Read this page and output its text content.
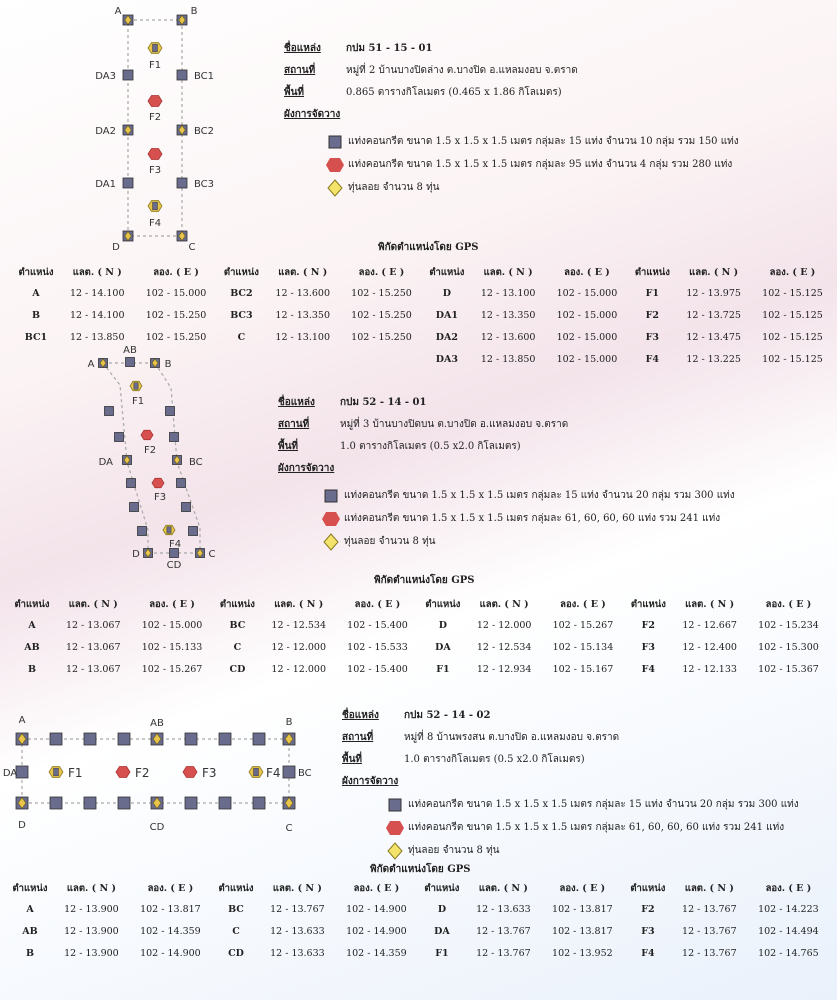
A	B
D	C
DA3	BC1
DA2	BC2
DA1	BC3
F1
F2
F3
F4
ชื่อแหล่ง	กปม 51 - 15 - 01
สถานที่	หมู่ที่ 2 บ้านบางปิดล่าง ต.บางปิด อ.แหลมงอบ จ.ตราด
พื้นที่	0.865 ตารางกิโลเมตร (0.465 x 1.86 กิโลเมตร)
ผังการจัดวาง
แท่งคอนกรีต ขนาด 1.5 x 1.5 x 1.5 เมตร กลุ่มละ 15 แท่ง จำนวน 10 กลุ่ม รวม 150 แท่ง
แท่งคอนกรีต ขนาด 1.5 x 1.5 x 1.5 เมตร กลุ่มละ 95 แท่ง จำนวน 4 กลุ่ม รวม 280 แท่ง
ทุ่นลอย จำนวน 8 ทุ่น
พิกัดตำแหน่งโดย GPS
ตำแหน่ง	แลต. ( N )	ลอง. ( E )	ตำแหน่ง	แลต. ( N )	ลอง. ( E )	ตำแหน่ง	แลต. ( N )	ลอง. ( E )	ตำแหน่ง	แลต. ( N )	ลอง. ( E )
A	12 - 14.100	102 - 15.000	BC2	12 - 13.600	102 - 15.250	D	12 - 13.100	102 - 15.000	F1	12 - 13.975	102 - 15.125
B	12 - 14.100	102 - 15.250	BC3	12 - 13.350	102 - 15.250	DA1	12 - 13.350	102 - 15.000	F2	12 - 13.725	102 - 15.125
BC1	12 - 13.850	102 - 15.250	C	12 - 13.100	102 - 15.250	DA2	12 - 13.600	102 - 15.000	F3	12 - 13.475	102 - 15.125
						DA3	12 - 13.850	102 - 15.000	F4	12 - 13.225	102 - 15.125
A
AB
B
DA	BC
D	C
CD
F1
F2
F3
F4
ชื่อแหล่ง	กปม 52 - 14 - 01
สถานที่	หมู่ที่ 3 บ้านบางปิดบน ต.บางปิด อ.แหลมงอบ จ.ตราด
พื้นที่	1.0 ตารางกิโลเมตร (0.5 x2.0 กิโลเมตร)
ผังการจัดวาง
แท่งคอนกรีต ขนาด 1.5 x 1.5 x 1.5 เมตร กลุ่มละ 15 แท่ง จำนวน 20 กลุ่ม รวม 300 แท่ง
แท่งคอนกรีต ขนาด 1.5 x 1.5 x 1.5 เมตร กลุ่มละ 61, 60, 60, 60 แท่ง รวม 241 แท่ง
ทุ่นลอย จำนวน 8 ทุ่น
พิกัดตำแหน่งโดย GPS
ตำแหน่ง	แลต. ( N )	ลอง. ( E )	ตำแหน่ง	แลต. ( N )	ลอง. ( E )	ตำแหน่ง	แลต. ( N )	ลอง. ( E )	ตำแหน่ง	แลต. ( N )	ลอง. ( E )
A	12 - 13.067	102 - 15.000	BC	12 - 12.534	102 - 15.400	D	12 - 12.000	102 - 15.267	F2	12 - 12.667	102 - 15.234
AB	12 - 13.067	102 - 15.133	C	12 - 12.000	102 - 15.533	DA	12 - 12.534	102 - 15.134	F3	12 - 12.400	102 - 15.300
B	12 - 13.067	102 - 15.267	CD	12 - 12.000	102 - 15.400	F1	12 - 12.934	102 - 15.167	F4	12 - 12.133	102 - 15.367
A	AB	B
DA	BC
D	CD	C
F1	F2	F3	F4
ชื่อแหล่ง	กปม 52 - 14 - 02
สถานที่	หมู่ที่ 8 บ้านพรงสน ต.บางปิด อ.แหลมงอบ จ.ตราด
พื้นที่	1.0 ตารางกิโลเมตร (0.5 x2.0 กิโลเมตร)
ผังการจัดวาง
แท่งคอนกรีต ขนาด 1.5 x 1.5 x 1.5 เมตร กลุ่มละ 15 แท่ง จำนวน 20 กลุ่ม รวม 300 แท่ง
แท่งคอนกรีต ขนาด 1.5 x 1.5 x 1.5 เมตร กลุ่มละ 61, 60, 60, 60 แท่ง รวม 241 แท่ง
ทุ่นลอย จำนวน 8 ทุ่น
พิกัดตำแหน่งโดย GPS
ตำแหน่ง	แลต. ( N )	ลอง. ( E )	ตำแหน่ง	แลต. ( N )	ลอง. ( E )	ตำแหน่ง	แลต. ( N )	ลอง. ( E )	ตำแหน่ง	แลต. ( N )	ลอง. ( E )
A	12 - 13.900	102 - 13.817	BC	12 - 13.767	102 - 14.900	D	12 - 13.633	102 - 13.817	F2	12 - 13.767	102 - 14.223
AB	12 - 13.900	102 - 14.359	C	12 - 13.633	102 - 14.900	DA	12 - 13.767	102 - 13.817	F3	12 - 13.767	102 - 14.494
B	12 - 13.900	102 - 14.900	CD	12 - 13.633	102 - 14.359	F1	12 - 13.767	102 - 13.952	F4	12 - 13.767	102 - 14.765
